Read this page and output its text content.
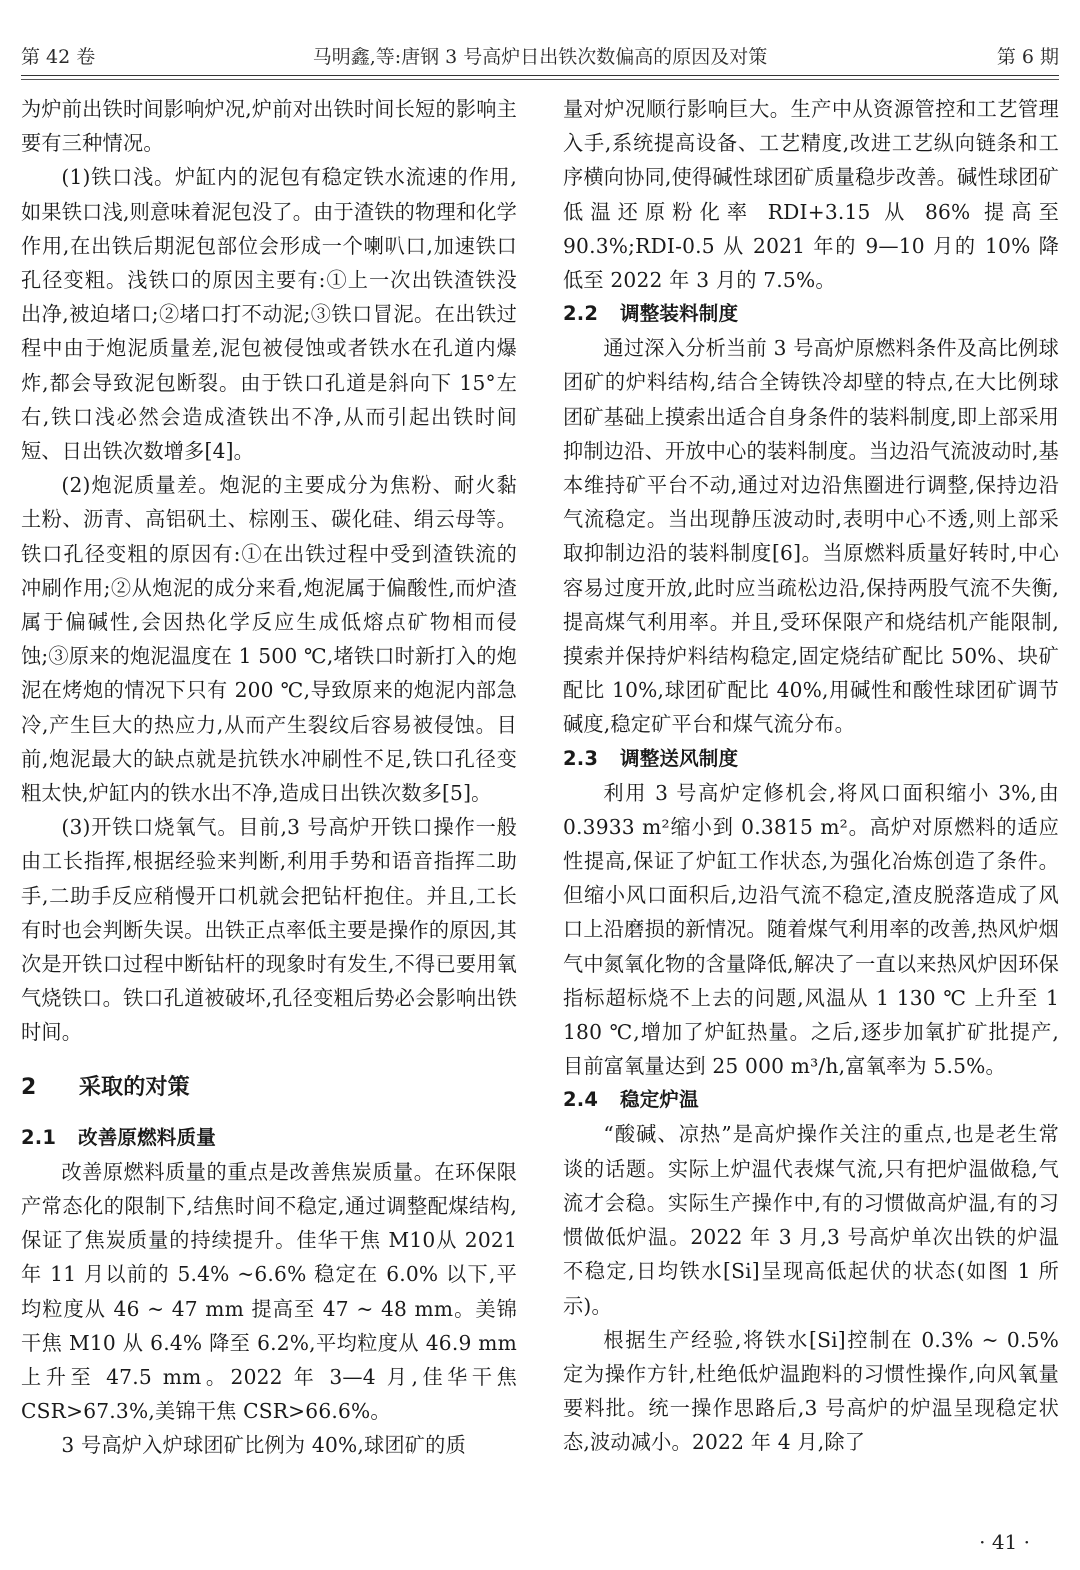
第 42 卷	马明鑫,等:唐钢 3 号高炉日出铁次数偏高的原因及对策	第 6 期

为炉前出铁时间影响炉况,炉前对出铁时间长短的影响主要有三种情况。

(1)铁口浅。炉缸内的泥包有稳定铁水流速的作用,如果铁口浅,则意味着泥包没了。由于渣铁的物理和化学作用,在出铁后期泥包部位会形成一个喇叭口,加速铁口孔径变粗。浅铁口的原因主要有:①上一次出铁渣铁没出净,被迫堵口;②堵口打不动泥;③铁口冒泥。在出铁过程中由于炮泥质量差,泥包被侵蚀或者铁水在孔道内爆炸,都会导致泥包断裂。由于铁口孔道是斜向下 15°左右,铁口浅必然会造成渣铁出不净,从而引起出铁时间短、日出铁次数增多[4]。

(2)炮泥质量差。炮泥的主要成分为焦粉、耐火黏土粉、沥青、高铝矾土、棕刚玉、碳化硅、绢云母等。铁口孔径变粗的原因有:①在出铁过程中受到渣铁流的冲刷作用;②从炮泥的成分来看,炮泥属于偏酸性,而炉渣属于偏碱性,会因热化学反应生成低熔点矿物相而侵蚀;③原来的炮泥温度在 1 500 ℃,堵铁口时新打入的炮泥在烤炮的情况下只有 200 ℃,导致原来的炮泥内部急冷,产生巨大的热应力,从而产生裂纹后容易被侵蚀。目前,炮泥最大的缺点就是抗铁水冲刷性不足,铁口孔径变粗太快,炉缸内的铁水出不净,造成日出铁次数多[5]。

(3)开铁口烧氧气。目前,3 号高炉开铁口操作一般由工长指挥,根据经验来判断,利用手势和语音指挥二助手,二助手反应稍慢开口机就会把钻杆抱住。并且,工长有时也会判断失误。出铁正点率低主要是操作的原因,其次是开铁口过程中断钻杆的现象时有发生,不得已要用氧气烧铁口。铁口孔道被破坏,孔径变粗后势必会影响出铁时间。

2 采取的对策
2.1 改善原燃料质量

改善原燃料质量的重点是改善焦炭质量。在环保限产常态化的限制下,结焦时间不稳定,通过调整配煤结构,保证了焦炭质量的持续提升。佳华干焦 M10从 2021 年 11 月以前的 5.4% ~6.6% 稳定在 6.0% 以下,平均粒度从 46 ~ 47 mm 提高至 47 ~ 48 mm。美锦干焦 M10 从 6.4% 降至 6.2%,平均粒度从 46.9 mm 上升至 47.5 mm。2022 年 3—4 月,佳华干焦 CSR>67.3%,美锦干焦 CSR>66.6%。

3 号高炉入炉球团矿比例为 40%,球团矿的质

量对炉况顺行影响巨大。生产中从资源管控和工艺管理入手,系统提高设备、工艺精度,改进工艺纵向链条和工序横向协同,使得碱性球团矿质量稳步改善。碱性球团矿低温还原粉化率 RDI+3.15 从 86% 提高至 90.3%;RDI-0.5 从 2021 年的 9—10 月的 10% 降低至 2022 年 3 月的 7.5%。

2.2 调整装料制度

通过深入分析当前 3 号高炉原燃料条件及高比例球团矿的炉料结构,结合全铸铁冷却壁的特点,在大比例球团矿基础上摸索出适合自身条件的装料制度,即上部采用抑制边沿、开放中心的装料制度。当边沿气流波动时,基本维持矿平台不动,通过对边沿焦圈进行调整,保持边沿气流稳定。当出现静压波动时,表明中心不透,则上部采取抑制边沿的装料制度[6]。当原燃料质量好转时,中心容易过度开放,此时应当疏松边沿,保持两股气流不失衡,提高煤气利用率。并且,受环保限产和烧结机产能限制,摸索并保持炉料结构稳定,固定烧结矿配比 50%、块矿配比 10%,球团矿配比 40%,用碱性和酸性球团矿调节碱度,稳定矿平台和煤气流分布。

2.3 调整送风制度

利用 3 号高炉定修机会,将风口面积缩小 3%,由 0.3933 m²缩小到 0.3815 m²。高炉对原燃料的适应性提高,保证了炉缸工作状态,为强化冶炼创造了条件。但缩小风口面积后,边沿气流不稳定,渣皮脱落造成了风口上沿磨损的新情况。随着煤气利用率的改善,热风炉烟气中氮氧化物的含量降低,解决了一直以来热风炉因环保指标超标烧不上去的问题,风温从 1 130 ℃ 上升至 1 180 ℃,增加了炉缸热量。之后,逐步加氧扩矿批提产,目前富氧量达到 25 000 m³/h,富氧率为 5.5%。

2.4 稳定炉温

“酸碱、凉热”是高炉操作关注的重点,也是老生常谈的话题。实际上炉温代表煤气流,只有把炉温做稳,气流才会稳。实际生产操作中,有的习惯做高炉温,有的习惯做低炉温。2022 年 3 月,3 号高炉单次出铁的炉温不稳定,日均铁水[Si]呈现高低起伏的状态(如图 1 所示)。

根据生产经验,将铁水[Si]控制在 0.3% ~ 0.5% 定为操作方针,杜绝低炉温跑料的习惯性操作,向风氧量要料批。统一操作思路后,3 号高炉的炉温呈现稳定状态,波动减小。2022 年 4 月,除了

· 41 ·
